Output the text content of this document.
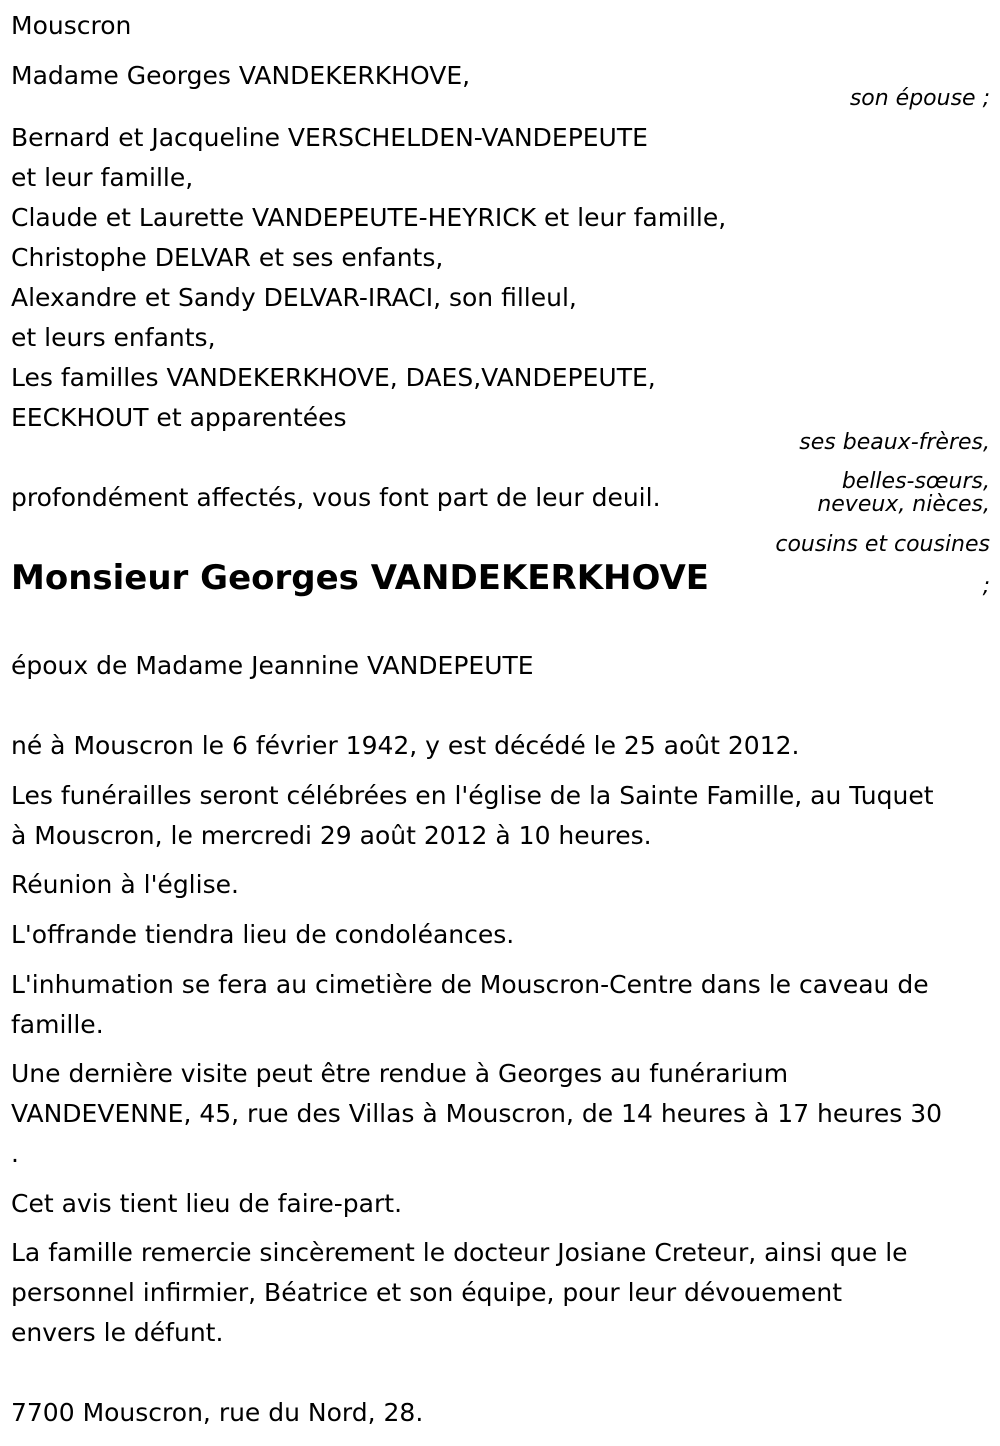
Mouscron

Madame Georges VANDEKERKHOVE,

son épouse ;

Bernard et Jacqueline VERSCHELDEN-VANDEPEUTE

et leur famille,

Claude et Laurette VANDEPEUTE-HEYRICK et leur famille,

Christophe DELVAR et ses enfants,

Alexandre et Sandy DELVAR-IRACI, son filleul,

et leurs enfants,

Les familles VANDEKERKHOVE, DAES,VANDEPEUTE,

EECKHOUT et apparentées

ses beaux-frères,

belles-sœurs,

neveux, nièces,

cousins et cousines

;

profondément affectés, vous font part de leur deuil.

Monsieur Georges VANDEKERKHOVE

époux de Madame Jeannine VANDEPEUTE

né à Mouscron le 6 février 1942, y est décédé le 25 août 2012.

Les funérailles seront célébrées en l'église de la Sainte Famille, au Tuquet

à Mouscron, le mercredi 29 août 2012 à 10 heures.

Réunion à l'église.

L'offrande tiendra lieu de condoléances.

L'inhumation se fera au cimetière de Mouscron-Centre dans le caveau de

famille.

Une dernière visite peut être rendue à Georges au funérarium

VANDEVENNE, 45, rue des Villas à Mouscron, de 14 heures à 17 heures 30

.

Cet avis tient lieu de faire-part.

La famille remercie sincèrement le docteur Josiane Creteur, ainsi que le

personnel infirmier, Béatrice et son équipe, pour leur dévouement

envers le défunt.

7700 Mouscron, rue du Nord, 28.
